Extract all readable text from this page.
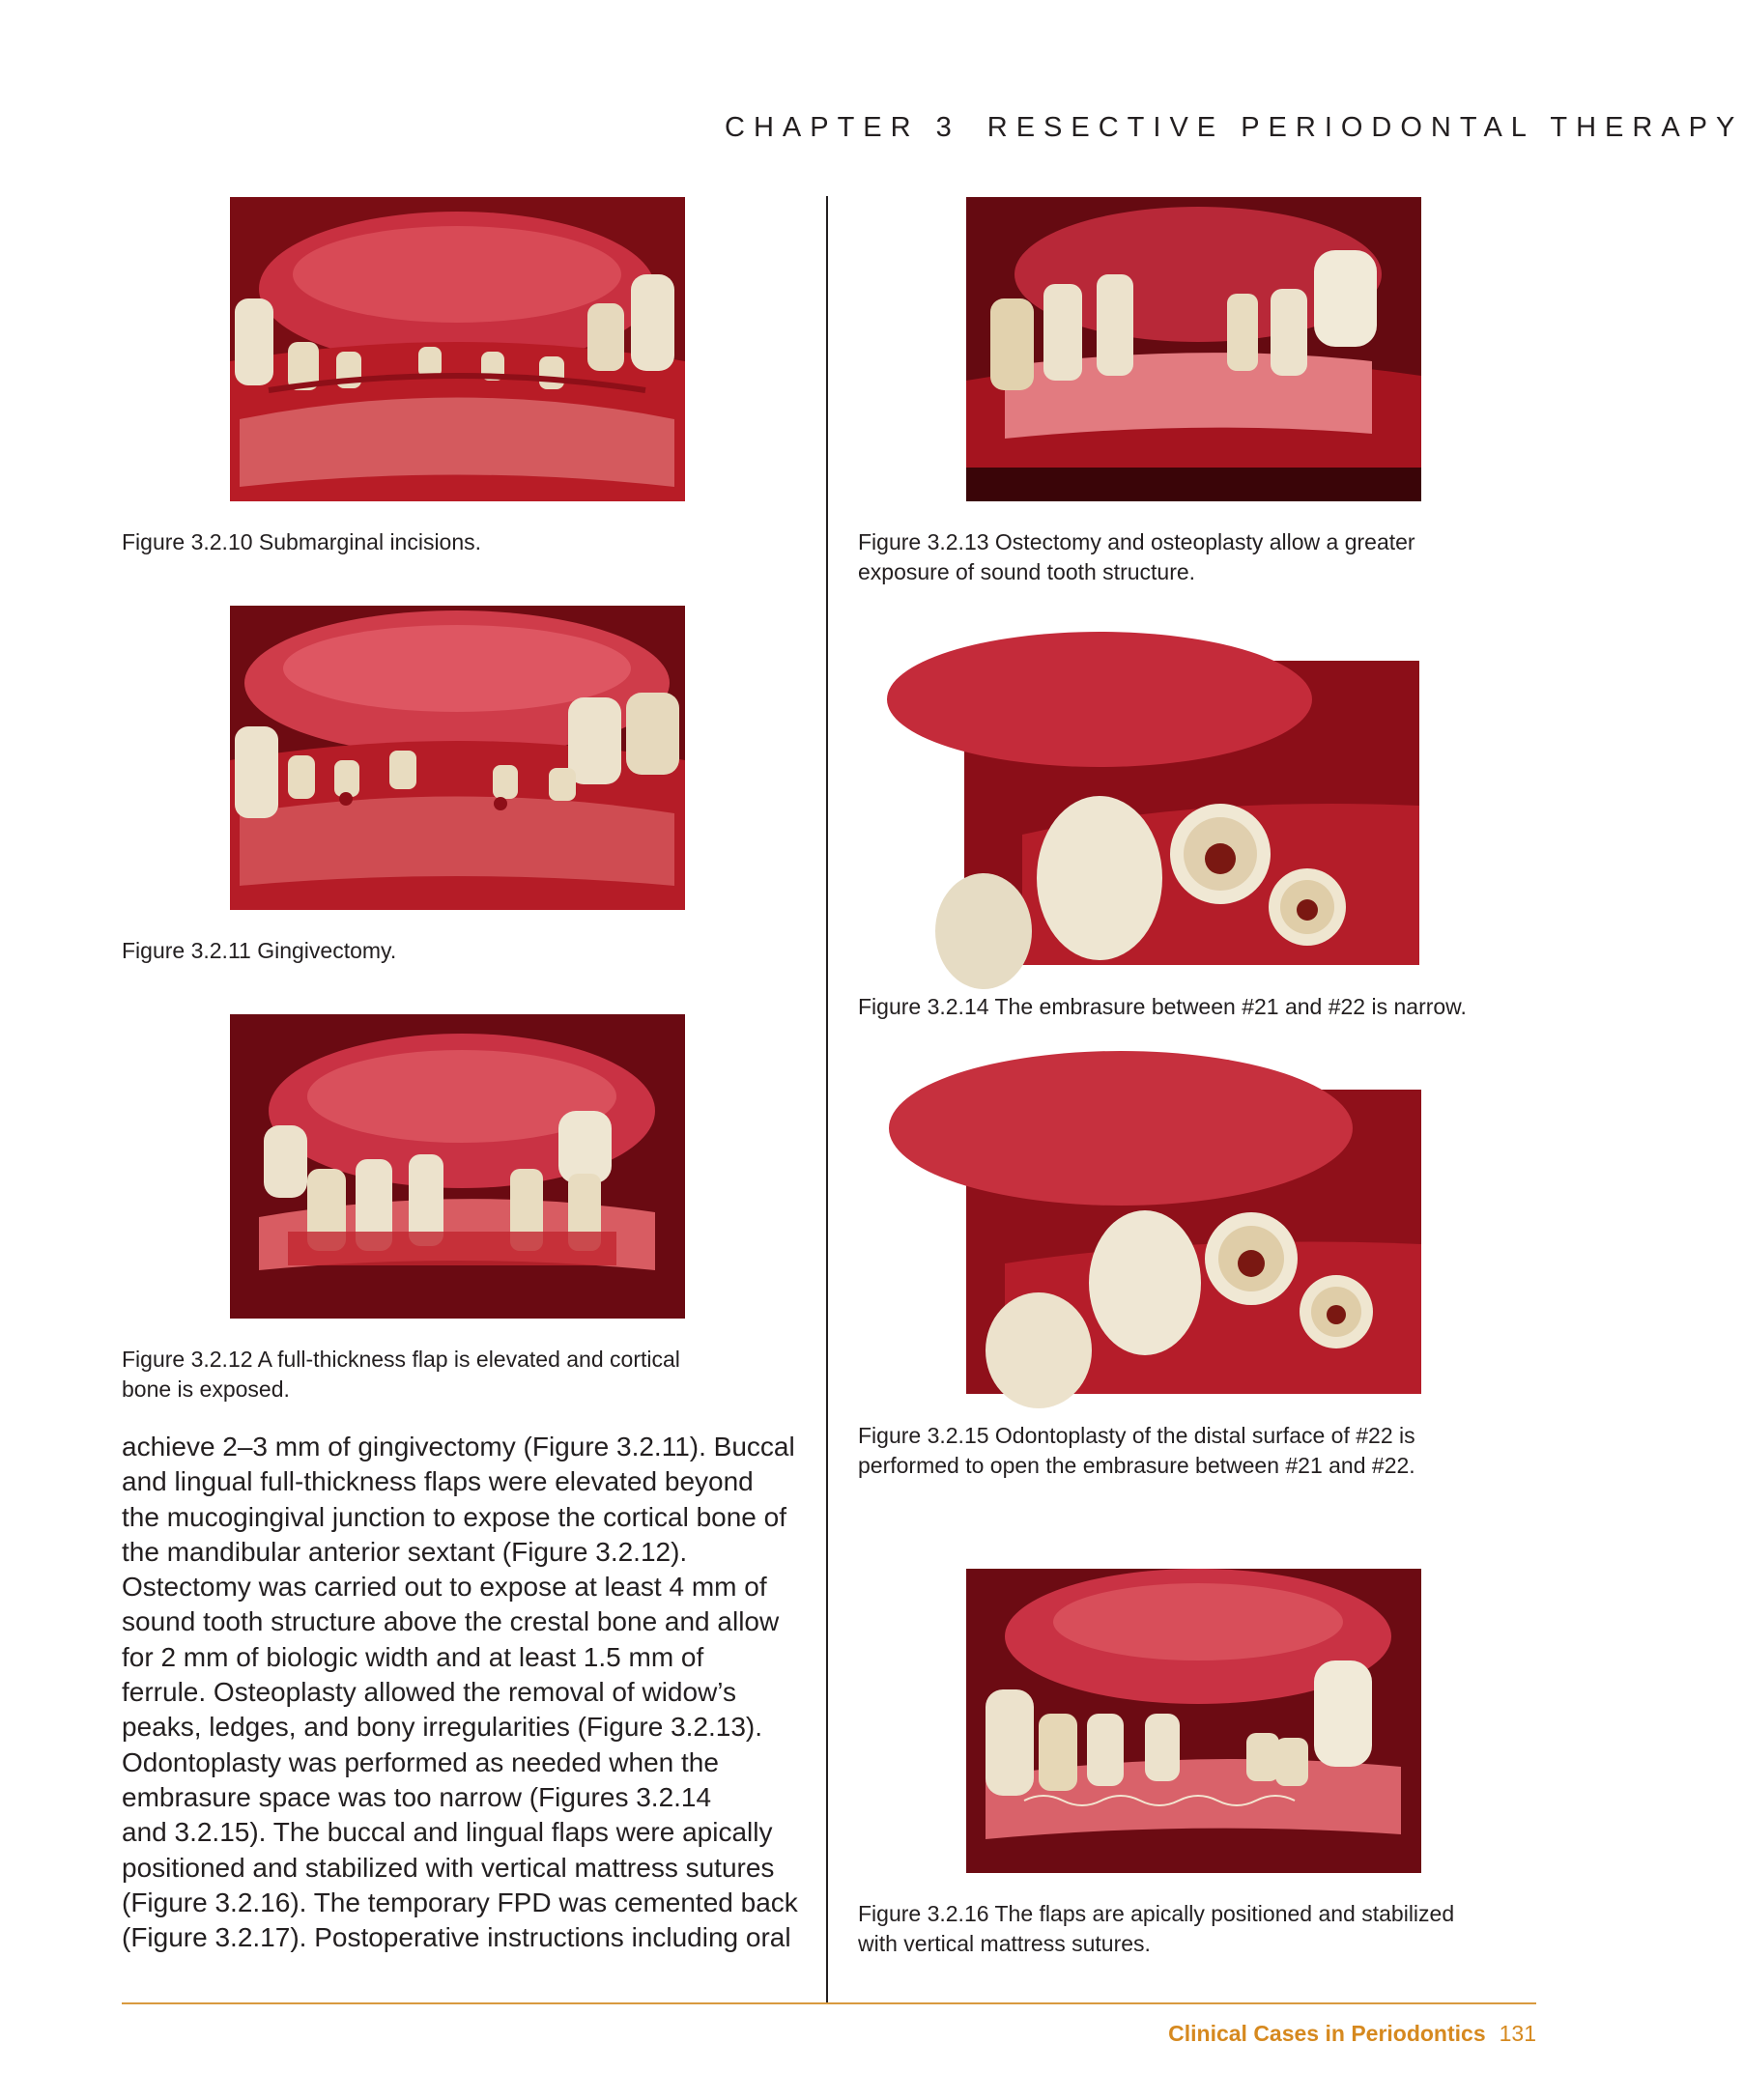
CHAPTER 3 RESECTIVE PERIODONTAL THERAPY
Figure 3.2.10 Submarginal incisions.
Figure 3.2.11 Gingivectomy.
Figure 3.2.12 A full-thickness flap is elevated and cortical
bone is exposed.
achieve 2–3 mm of gingivectomy (Figure 3.2.11). Buccal
and lingual full-thickness flaps were elevated beyond
the mucogingival junction to expose the cortical bone of
the mandibular anterior sextant (Figure 3.2.12).
Ostectomy was carried out to expose at least 4 mm of
sound tooth structure above the crestal bone and allow
for 2 mm of biologic width and at least 1.5 mm of
ferrule. Osteoplasty allowed the removal of widow’s
peaks, ledges, and bony irregularities (Figure 3.2.13).
Odontoplasty was performed as needed when the
embrasure space was too narrow (Figures 3.2.14
and 3.2.15). The buccal and lingual flaps were apically
positioned and stabilized with vertical mattress sutures
(Figure 3.2.16). The temporary FPD was cemented back
(Figure 3.2.17). Postoperative instructions including oral
Figure 3.2.13 Ostectomy and osteoplasty allow a greater
exposure of sound tooth structure.
Figure 3.2.14 The embrasure between #21 and #22 is narrow.
Figure 3.2.15 Odontoplasty of the distal surface of #22 is
performed to open the embrasure between #21 and #22.
Figure 3.2.16 The flaps are apically positioned and stabilized
with vertical mattress sutures.
Clinical Cases in Periodontics 131
